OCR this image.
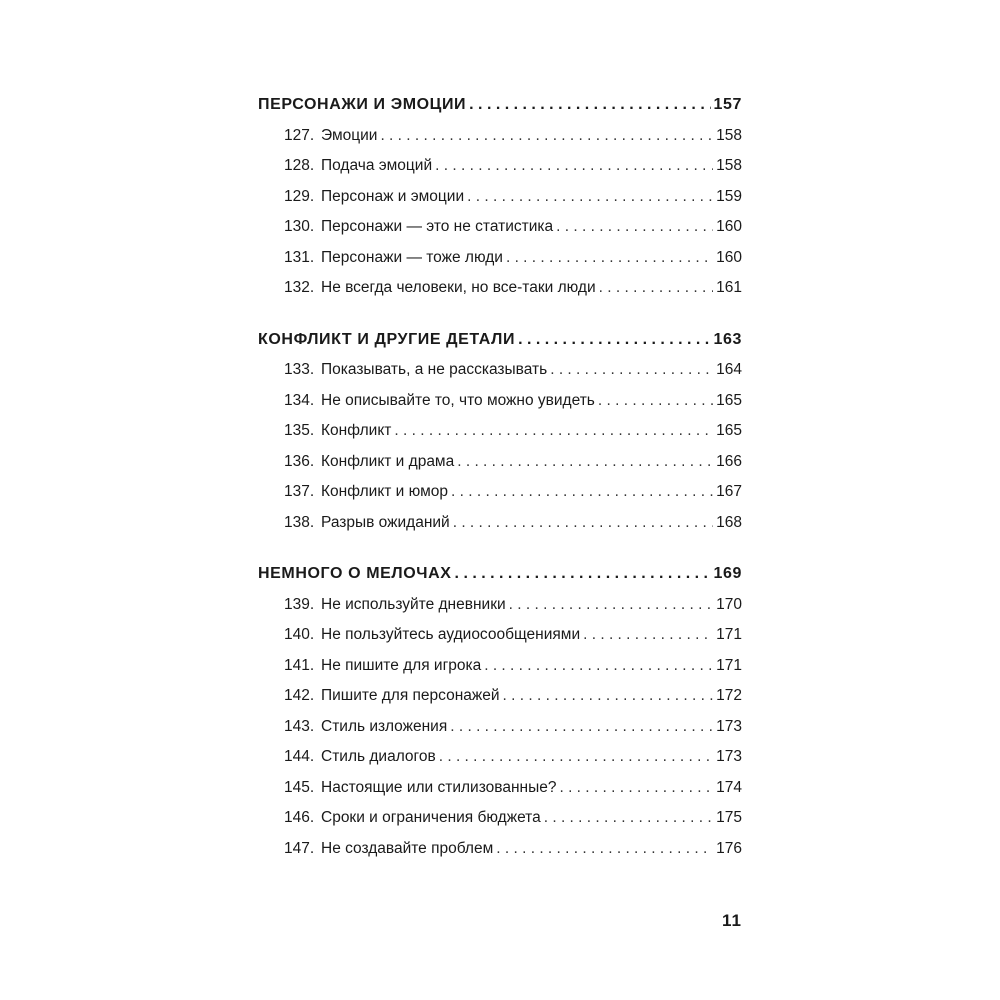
ПЕРСОНАЖИ И ЭМОЦИИ . . .	157
127. Эмоции . . .	158
128. Подача эмоций . . .	158
129. Персонаж и эмоции . . .	159
130. Персонажи — это не статистика . . .	160
131. Персонажи — тоже люди . . .	160
132. Не всегда человеки, но все-таки люди . . .	161
КОНФЛИКТ И ДРУГИЕ ДЕТАЛИ . . .	163
133. Показывать, а не рассказывать . . .	164
134. Не описывайте то, что можно увидеть . . .	165
135. Конфликт . . .	165
136. Конфликт и драма . . .	166
137. Конфликт и юмор . . .	167
138. Разрыв ожиданий . . .	168
НЕМНОГО О МЕЛОЧАХ . . .	169
139. Не используйте дневники . . .	170
140. Не пользуйтесь аудиосообщениями . . .	171
141. Не пишите для игрока . . .	171
142. Пишите для персонажей . . .	172
143. Стиль изложения . . .	173
144. Стиль диалогов . . .	173
145. Настоящие или стилизованные? . . .	174
146. Сроки и ограничения бюджета . . .	175
147. Не создавайте проблем . . .	176
11
